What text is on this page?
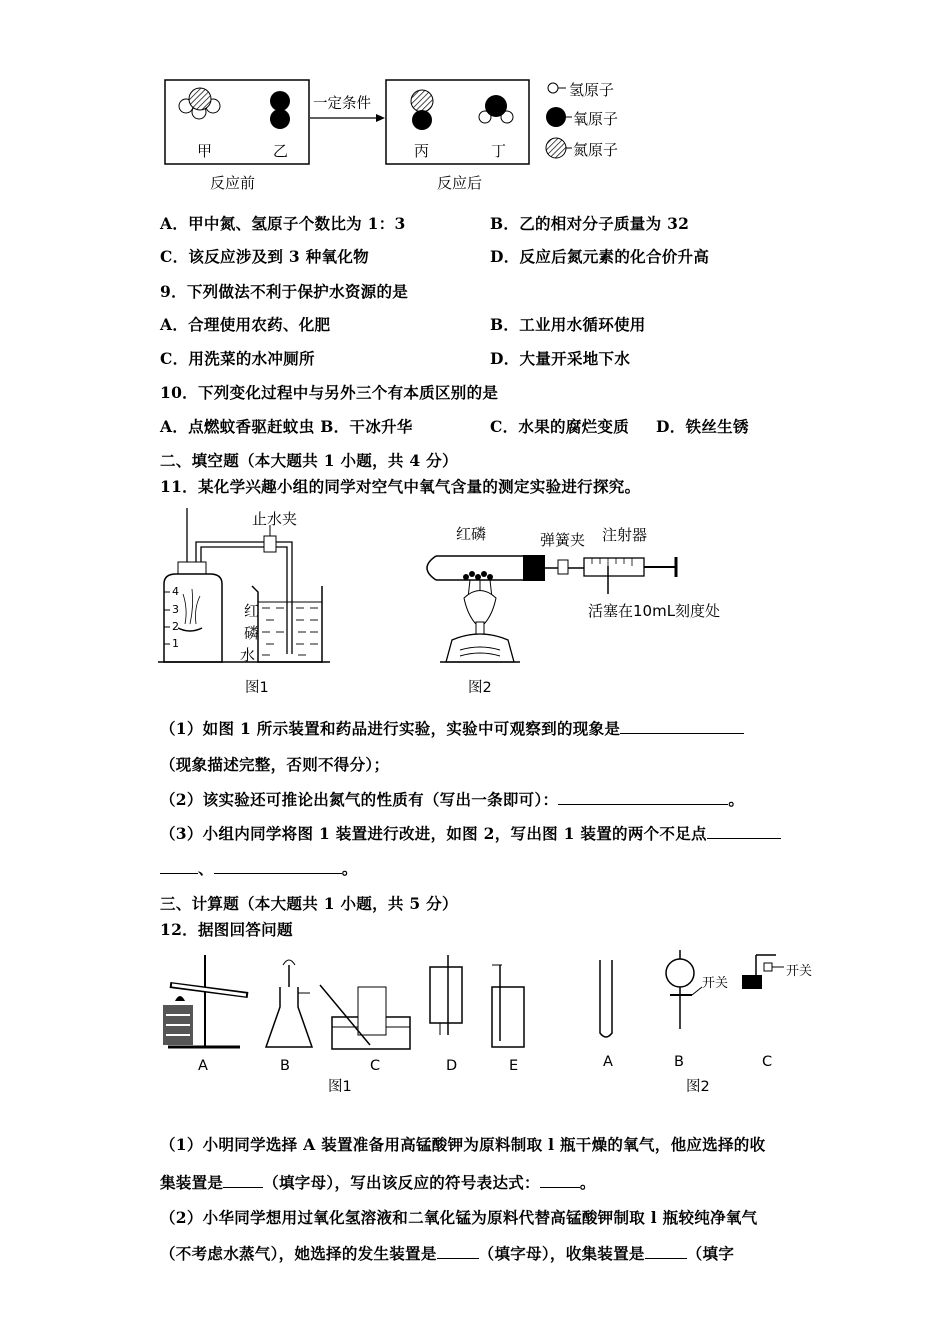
甲	乙
一定条件
丙	丁
反应前	反应后
氢原子
氧原子
氮原子
A．甲中氮、氢原子个数比为 1：3	B．乙的相对分子质量为 32
C．该反应涉及到 3 种氧化物	D．反应后氮元素的化合价升高
9．下列做法不利于保护水资源的是
A．合理使用农药、化肥	B．工业用水循环使用
C．用洗菜的水冲厕所	D．大量开采地下水
10．下列变化过程中与另外三个有本质区别的是
A．点燃蚊香驱赶蚊虫 B．干冰升华	C．水果的腐烂变质 D．铁丝生锈
二、填空题（本大题共 1 小题，共 4 分）
11．某化学兴趣小组的同学对空气中氧气含量的测定实验进行探究。
止水夹
红
磷
水
4
3
2
1
红磷	弹簧夹 注射器
活塞在10mL刻度处
图1	图2
（1）如图 1 所示装置和药品进行实验，实验中可观察到的现象是
（现象描述完整，否则不得分）；
（2）该实验还可推论出氮气的性质有（写出一条即可）：	。
（3）小组内同学将图 1 装置进行改进，如图 2，写出图 1 装置的两个不足点
、	。
三、计算题（本大题共 1 小题，共 5 分）
12．据图回答问题
A	B	C	D	E	A	B	C
开关
开关
图1	图2
（1）小明同学选择 A 装置准备用高锰酸钾为原料制取 l 瓶干燥的氧气，他应选择的收
集装置是	（填字母），写出该反应的符号表达式：	。
（2）小华同学想用过氧化氢溶液和二氧化锰为原料代替高锰酸钾制取 l 瓶较纯净氧气
（不考虑水蒸气），她选择的发生装置是	（填字母），收集装置是	（填字
